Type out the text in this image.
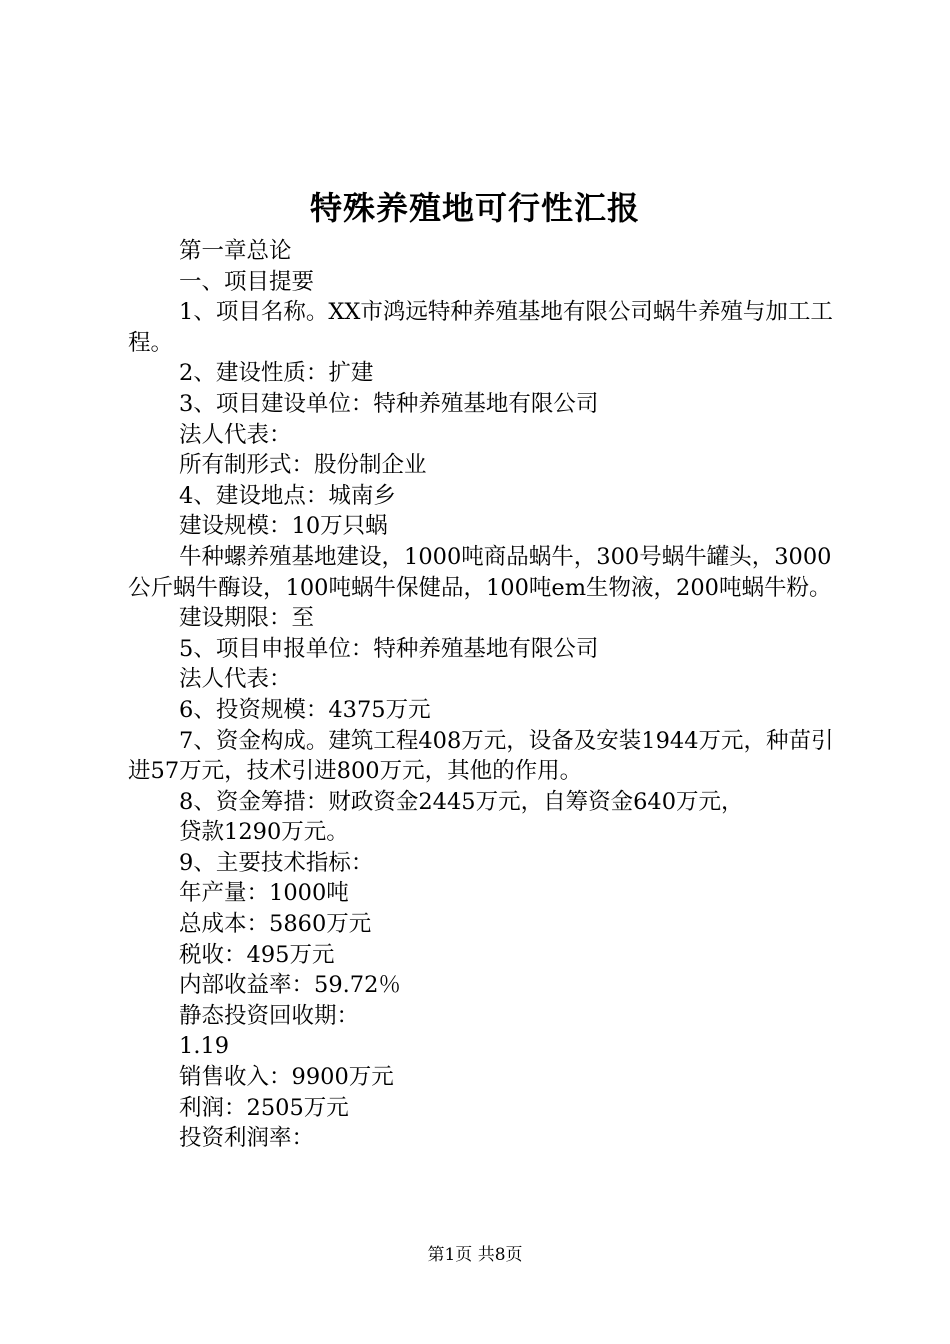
特殊养殖地可行性汇报

第一章总论

一、项目提要

1、项目名称。XX市鸿远特种养殖基地有限公司蜗牛养殖与加工工程。

2、建设性质：扩建

3、项目建设单位：特种养殖基地有限公司

法人代表：

所有制形式：股份制企业

4、建设地点：城南乡

建设规模：10万只蜗

牛种螺养殖基地建设，1000吨商品蜗牛，300号蜗牛罐头，3000公斤蜗牛酶设，100吨蜗牛保健品，100吨em生物液，200吨蜗牛粉。

建设期限：至

5、项目申报单位：特种养殖基地有限公司

法人代表：

6、投资规模：4375万元

7、资金构成。建筑工程408万元，设备及安装1944万元，种苗引进57万元，技术引进800万元，其他的作用。

8、资金筹措：财政资金2445万元，自筹资金640万元，

贷款1290万元。

9、主要技术指标：

年产量：1000吨

总成本：5860万元

税收：495万元

内部收益率：59.72％

静态投资回收期：

1.19

销售收入：9900万元

利润：2505万元

投资利润率：

第1页 共8页
